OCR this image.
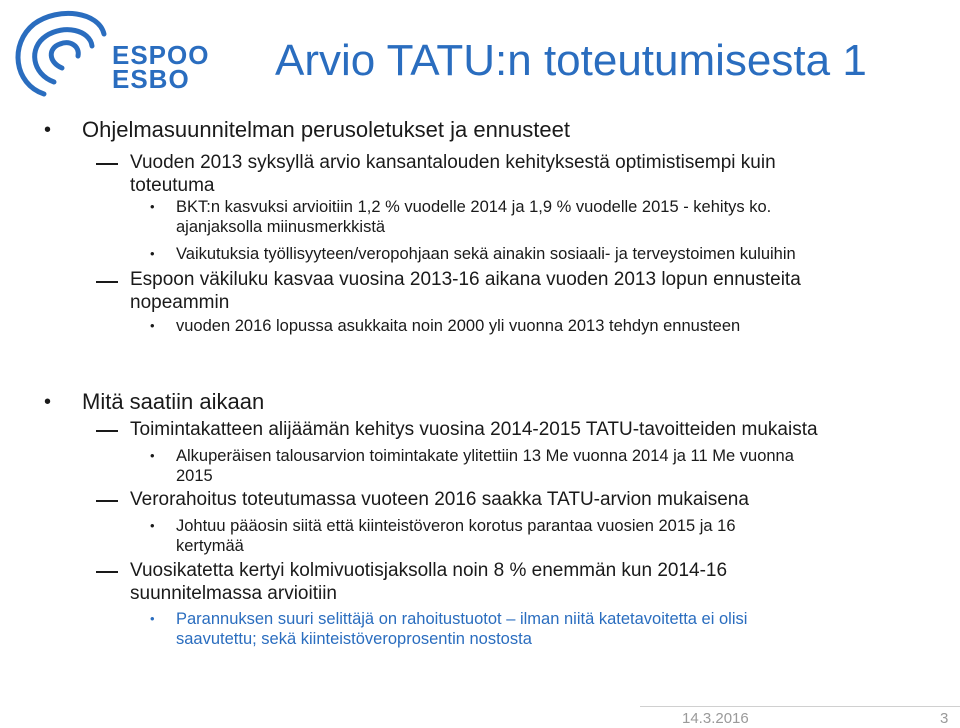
ESPOO
ESBO Arvio TATU:n toteutumisesta 1
• Ohjelmasuunnitelman perusoletukset ja ennusteet
Vuoden 2013 syksyllä arvio kansantalouden kehityksestä optimistisempi kuin
toteutuma
• BKT:n kasvuksi arvioitiin 1,2 % vuodelle 2014 ja 1,9 % vuodelle 2015 - kehitys ko.
ajanjaksolla miinusmerkkistä
• Vaikutuksia työllisyyteen/veropohjaan sekä ainakin sosiaali- ja terveystoimen kuluihin
Espoon väkiluku kasvaa vuosina 2013-16 aikana vuoden 2013 lopun ennusteita
nopeammin
• vuoden 2016 lopussa asukkaita noin 2000 yli vuonna 2013 tehdyn ennusteen
• Mitä saatiin aikaan
Toimintakatteen alijäämän kehitys vuosina 2014-2015 TATU-tavoitteiden mukaista
• Alkuperäisen talousarvion toimintakate ylitettiin 13 Me vuonna 2014 ja 11 Me vuonna
2015
Verorahoitus toteutumassa vuoteen 2016 saakka TATU-arvion mukaisena
• Johtuu pääosin siitä että kiinteistöveron korotus parantaa vuosien 2015 ja 16
kertymää
Vuosikatetta kertyi kolmivuotisjaksolla noin 8 % enemmän kun 2014-16
suunnitelmassa arvioitiin
• Parannuksen suuri selittäjä on rahoitustuotot – ilman niitä katetavoitetta ei olisi
saavutettu; sekä kiinteistöveroprosentin nostosta
14.3.2016	3
